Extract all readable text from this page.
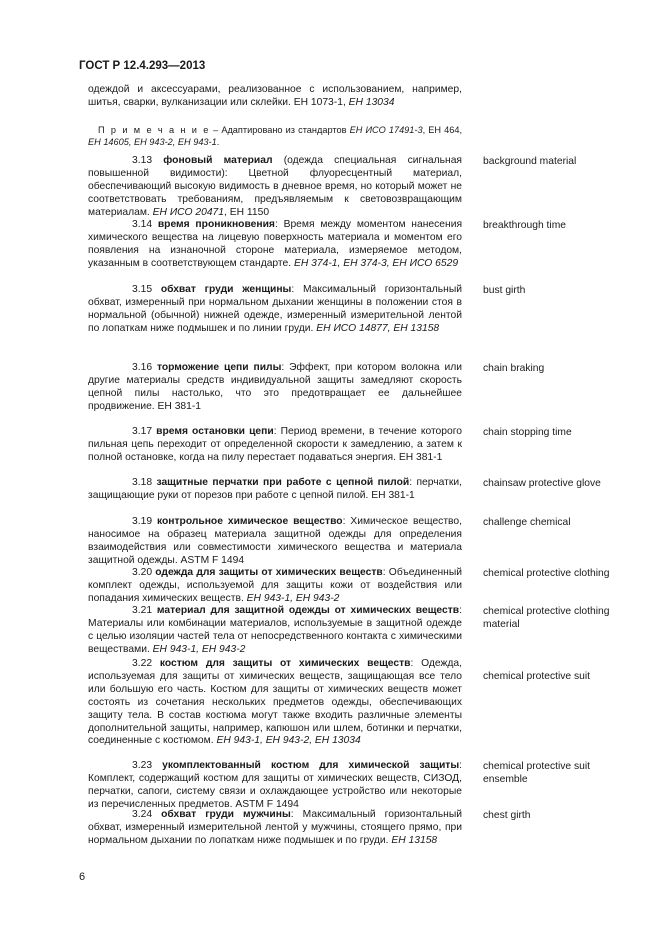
ГОСТ Р 12.4.293—2013
одеждой и аксессуарами, реализованное с использованием, например, шитья, сварки, вулканизации или склейки. ЕН 1073-1, ЕН 13034
П р и м е ч а н и е – Адаптировано из стандартов ЕН ИСО 17491-3, ЕН 464, ЕН 14605, ЕН 943-2, ЕН 943-1.
3.13 фоновый материал (одежда специальная сигнальная повышенной видимости): Цветной флуоресцентный материал, обеспечивающий высокую видимость в дневное время, но который может не соответствовать требованиям, предъявляемым к световозвращающим материалам. ЕН ИСО 20471, ЕН 1150
background material
3.14 время проникновения: Время между моментом нанесения химического вещества на лицевую поверхность материала и моментом его появления на изнаночной стороне материала, измеряемое методом, указанным в соответствующем стандарте. ЕН 374-1, ЕН 374-3, ЕН ИСО 6529
breakthrough time
3.15 обхват груди женщины: Максимальный горизонтальный обхват, измеренный при нормальном дыхании женщины в положении стоя в нормальной (обычной) нижней одежде, измеренный измерительной лентой по лопаткам ниже подмышек и по линии груди. ЕН ИСО 14877, ЕН 13158
bust girth
3.16 торможение цепи пилы: Эффект, при котором волокна или другие материалы средств индивидуальной защиты замедляют скорость цепной пилы настолько, что это предотвращает ее дальнейшее продвижение. ЕН 381-1
chain braking
3.17 время остановки цепи: Период времени, в течение которого пильная цепь переходит от определенной скорости к замедлению, а затем к полной остановке, когда на пилу перестает подаваться энергия. ЕН 381-1
chain stopping time
3.18 защитные перчатки при работе с цепной пилой: перчатки, защищающие руки от порезов при работе с цепной пилой. ЕН 381-1
chainsaw protective glove
3.19 контрольное химическое вещество: Химическое вещество, наносимое на образец материала защитной одежды для определения взаимодействия или совместимости химического вещества и материала защитной одежды. ASTM F 1494
challenge chemical
3.20 одежда для защиты от химических веществ: Объединенный комплект одежды, используемой для защиты кожи от воздействия или попадания химических веществ. ЕН 943-1, ЕН 943-2
chemical protective clothing
3.21 материал для защитной одежды от химических веществ: Материалы или комбинации материалов, используемые в защитной одежде с целью изоляции частей тела от непосредственного контакта с химическими веществами. ЕН 943-1, ЕН 943-2
chemical protective clothing material
3.22 костюм для защиты от химических веществ: Одежда, используемая для защиты от химических веществ, защищающая все тело или большую его часть. Костюм для защиты от химических веществ может состоять из сочетания нескольких предметов одежды, обеспечивающих защиту тела. В состав костюма могут также входить различные элементы дополнительной защиты, например, капюшон или шлем, ботинки и перчатки, соединенные с костюмом. ЕН 943-1, ЕН 943-2, ЕН 13034
chemical protective suit
3.23 укомплектованный костюм для химической защиты: Комплект, содержащий костюм для защиты от химических веществ, СИЗОД, перчатки, сапоги, систему связи и охлаждающее устройство или некоторые из перечисленных предметов. ASTM F 1494
chemical protective suit ensemble
3.24 обхват груди мужчины: Максимальный горизонтальный обхват, измеренный измерительной лентой у мужчины, стоящего прямо, при нормальном дыхании по лопаткам ниже подмышек и по груди. ЕН 13158
chest girth
6
